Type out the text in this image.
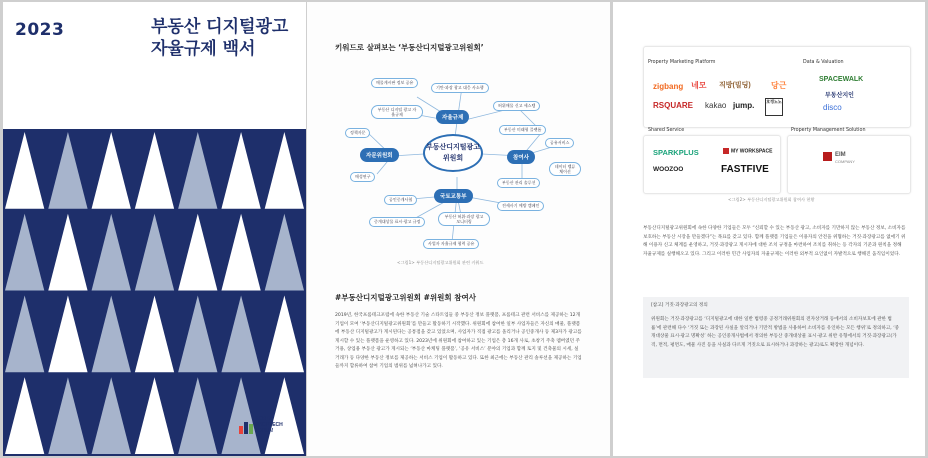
2023	부동산 디지털광고
자율규제 백서
KOREA
PROPTECH
FORUM
키워드로 살펴보는 ‘부동산디지털광고위원회’
부동산디지털광고 위원회
자율규제
자문위원회	참여사
국토교통부
매물게시판 정보 공유
기만·과장 광고 대응 사소행
부동산 디지털 광고 자율규제
허위매물 신고 세스템
정책자문
부동산 미래형 플랫폼
공유서비스
데이터 벨류체이선
매성연구
부동산 관리 솔루션
공인중개사협
전세사기 예방 캠페인
중개대상물 표시·광고 규정
부동산 허위·과장 광고 모니터링
사업자 자율규제 협력 공유
<그림1> 부동산디지털광고위원회 관련 키워드
#부동산디지털광고위원회 #위원회 참여사
2019년, 한국프롭테크포럼에 속한 부동산 기술 스타트업들 중 부동산 정보 플랫폼, 프롭테크 관련 서비스를 제공하는 12개 기업이 모여 ‘부동산디지털광고위원회’를 만들고 활동하기 시작했다. 위원회에 참여한 일부 사업자들은 자신의 매물, 플랫폼에 부동산 디지털광고가 게시된다는 공통점을 갖고 있었으며, 사업자가 직접 광고를 올리거나 공인중개사 등 제3자가 광고를 게시할 수 있는 플랫폼을 운영하고 있다. 2023년에 위원회에 참여하고 있는 기업은 총 16개 사로, 초창기 주축 멤버였던 주거용, 상업용 부동산 광고가 게시되는 ‘부동산 마케팅 플랫폼’, ‘공유 서비스’ 분야의 기업과 함께 토지 및 건축물의 시세, 실거래가 등 다양한 부동산 정보를 제공하는 서비스 기업이 활동하고 있다. 또한 최근에는 부동산 관리 솔루션을 제공하는 기업들까지 합류하여 참여 기업의 범위를 넓혀나가고 있다.
Property Marketing Platform	Data & Valuation
Shared Service	Property Management Solution
zigbang 네모 직방(빌딩)	당근
RSQUARE kakao jump.	호갱노노
SPACEWALK
부동산지인
disco
SPARKPLUS	MY WORKSPACE
WOOZOO	FASTFIVE
EIM
COMPANY
<그림2> 부동산디지털광고위원회 참여사 현황
부동산디지털광고위원회에 속한 다양한 기업들은 모두 “신뢰할 수 있는 부동산 광고, 소비자를 기만하지 않는 부동산 정보, 소비자를 보호하는 부동산 시장을 만들겠다”는 목표를 갖고 있다. 함께 플랫폼 기업들은 이용자의 안전을 위협하는 거짓·과장광고를 없애기 위해 이용자 신고 체계를 운영하고, 거짓·과장광고 게시자에 대한 조치 규정을 마련하여 조치를 취하는 등 각자의 기준과 원칙을 정해 자율규제를 실행해오고 있다. 그리고 이러한 민간 사업자의 자율규제는 이러한 외부적 요인없이 자발적으로 행해진 움직임이었다.
[참고] 거짓·과장광고의 정의
위원회는 거짓·과장광고를 ‘디지털광고에 대한 일반 법령중 공정거래위원회의 전자상거래 등에서의 소비자보호에 관한 법률’에 관련해 다수 ‘거짓 또는 과장된 사실을 알리거나 기만적 방법을 사용하여 소비자를 유인하는 모든 행위’로 정의하고, ‘중개대상물 표시·광고 명확성’ 하는 공인중개사법에서 정의한 부동산 중개대상물 표시·광고 위반 유형에서의 거짓·과장광고(가격, 면적, 평면도, 매물 사진 등을 사실과 다르게 거짓으로 표시하거나 과장하는 광고)로도 확장한 개념이다.
